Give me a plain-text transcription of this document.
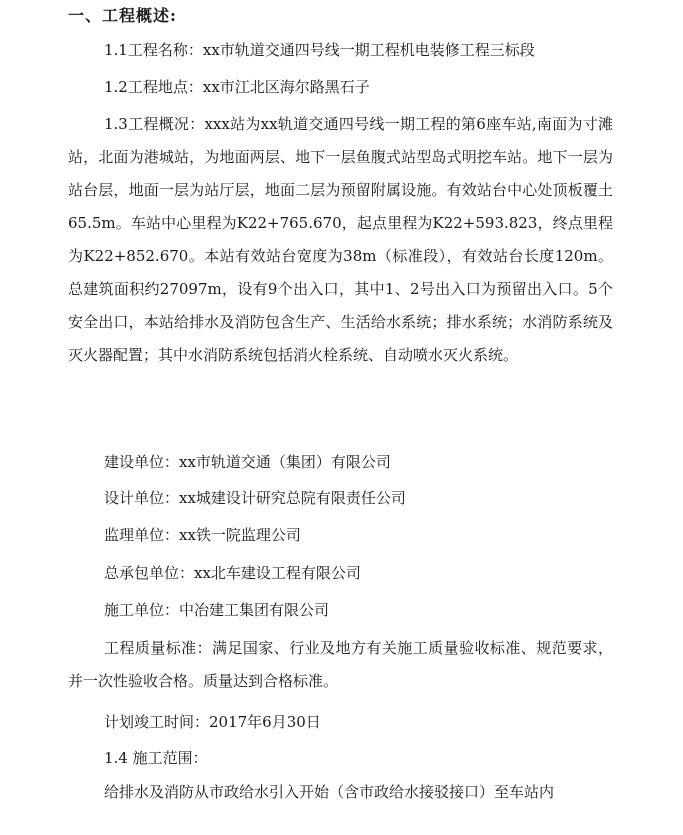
一、工程概述:
1.1工程名称：xx市轨道交通四号线一期工程机电装修工程三标段
1.2工程地点：xx市江北区海尔路黑石子
1.3工程概况：xxx站为xx轨道交通四号线一期工程的第6座车站,南面为寸滩站，北面为港城站，为地面两层、地下一层鱼腹式站型岛式明挖车站。地下一层为站台层，地面一层为站厅层，地面二层为预留附属设施。有效站台中心处顶板覆土65.5m。车站中心里程为K22+765.670，起点里程为K22+593.823，终点里程为K22+852.670。本站有效站台宽度为38m（标准段），有效站台长度120m。总建筑面积约27097m，设有9个出入口，其中1、2号出入口为预留出入口。5个安全出口，本站给排水及消防包含生产、生活给水系统；排水系统；水消防系统及灭火器配置；其中水消防系统包括消火栓系统、自动喷水灭火系统。
建设单位：xx市轨道交通（集团）有限公司
设计单位：xx城建设计研究总院有限责任公司
监理单位：xx铁一院监理公司
总承包单位：xx北车建设工程有限公司
施工单位：中冶建工集团有限公司
工程质量标准：满足国家、行业及地方有关施工质量验收标准、规范要求，并一次性验收合格。质量达到合格标准。
计划竣工时间：2017年6月30日
1.4 施工范围：
给排水及消防从市政给水引入开始（含市政给水接驳接口）至车站内
